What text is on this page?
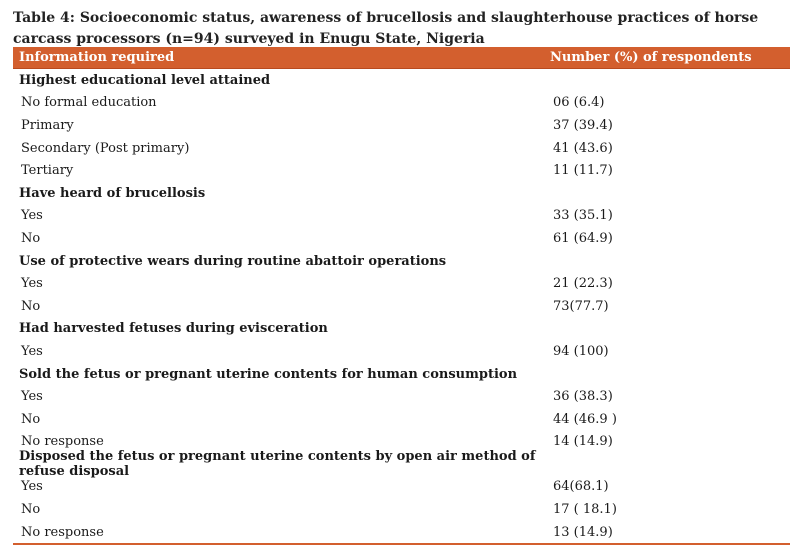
Table 4: Socioeconomic status, awareness of brucellosis and slaughterhouse practices of horse carcass processors (n=94) surveyed in Enugu State, Nigeria
Information required	Number (%) of respondents
Highest educational level attained
No formal education	06 (6.4)
Primary	37 (39.4)
Secondary (Post primary)	41 (43.6)
Tertiary	11 (11.7)
Have heard of brucellosis
Yes	33 (35.1)
No	61 (64.9)
Use of protective wears during routine abattoir operations
Yes	21 (22.3)
No	73(77.7)
Had harvested fetuses during evisceration
Yes	94 (100)
Sold the fetus or pregnant uterine contents for human consumption
Yes	36 (38.3)
No	44 (46.9 )
No response	14 (14.9)
Disposed the fetus or pregnant uterine contents by open air method of refuse disposal
Yes	64(68.1)
No	17 ( 18.1)
No response	13 (14.9)
